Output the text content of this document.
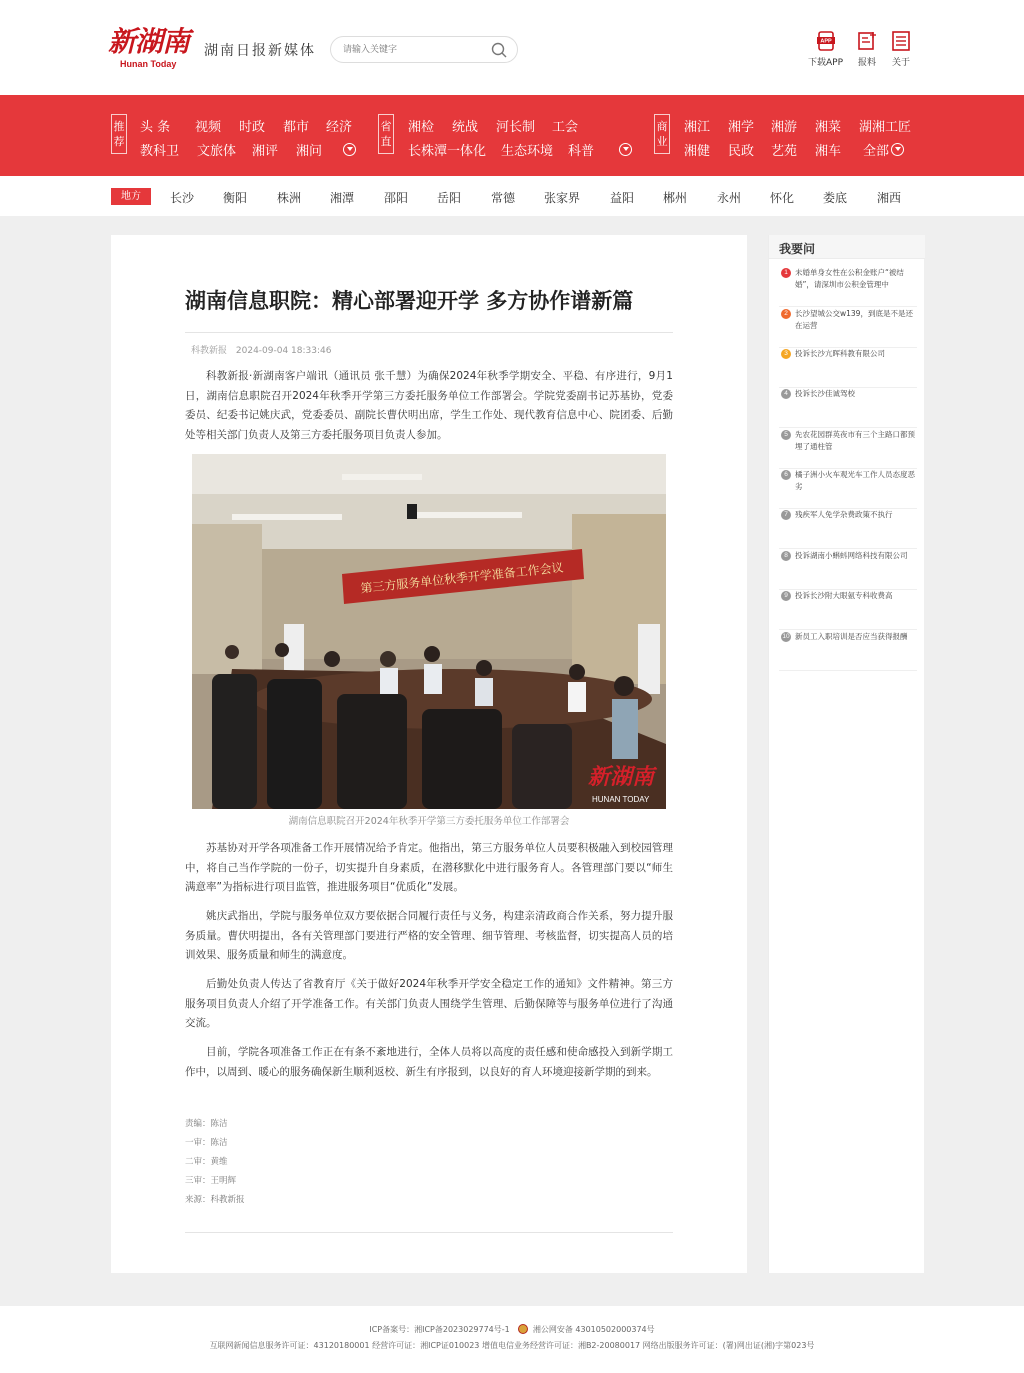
新湖南
Hunan Today
湖南日报新媒体
请输入关键字
APP
下载APP 报料 关于
推荐
头 条 视频 时政 都市 经济
教科卫 文旅体 湘评 湘问
省直
湘检 统战 河长制 工会
长株潭一体化 生态环境 科普
商业
湘江 湘学 湘游 湘菜 湖湘工匠
湘健 民政 艺苑 湘车 全部
地方	长沙 衡阳 株洲 湘潭 邵阳 岳阳 常德 张家界 益阳 郴州 永州 怀化 娄底 湘西
湖南信息职院：精心部署迎开学 多方协作谱新篇
科教新报 2024-09-04 18:33:46

科教新报·新湖南客户端讯（通讯员 张千慧）为确保2024年秋季学期安全、平稳、有序进行，9月1日，湖南信息职院召开2024年秋季开学第三方委托服务单位工作部署会。学院党委副书记苏基协，党委委员、纪委书记姚庆武，党委委员、副院长曹伏明出席，学生工作处、现代教育信息中心、院团委、后勤处等相关部门负责人及第三方委托服务项目负责人参加。

第三方服务单位秋季开学准备工作会议
新湖南
HUNAN TODAY
湖南信息职院召开2024年秋季开学第三方委托服务单位工作部署会

苏基协对开学各项准备工作开展情况给予肯定。他指出，第三方服务单位人员要积极融入到校园管理中，将自己当作学院的一份子，切实提升自身素质，在潜移默化中进行服务育人。各管理部门要以“师生满意率”为指标进行项目监管，推进服务项目“优质化”发展。

姚庆武指出，学院与服务单位双方要依据合同履行责任与义务，构建亲清政商合作关系，努力提升服务质量。曹伏明提出，各有关管理部门要进行严格的安全管理、细节管理、考核监督，切实提高人员的培训效果、服务质量和师生的满意度。

后勤处负责人传达了省教育厅《关于做好2024年秋季开学安全稳定工作的通知》文件精神。第三方服务项目负责人介绍了开学准备工作。有关部门负责人围绕学生管理、后勤保障等与服务单位进行了沟通交流。

目前，学院各项准备工作正在有条不紊地进行，全体人员将以高度的责任感和使命感投入到新学期工作中，以周到、暖心的服务确保新生顺利返校、新生有序报到，以良好的育人环境迎接新学期的到来。

责编：陈洁
一审：陈洁
二审：黄维
三审：王明辉
来源：科教新报
我要问
1 未婚单身女性在公积金账户“被结婚”，请深圳市公积金管理中
2 长沙望城公交w139，到底是不是还在运营
3 投诉长沙亢晖科教有限公司
4 投诉长沙佳诚驾校
5 先农花园群英夜市有三个主路口都预埋了通柱管
6 橘子洲小火车观光车工作人员态度恶劣
7 残疾军人免学杂费政策不执行
8 投诉湖南小蝌蚪网络科技有限公司
9 投诉长沙附大眼氨专科收费高
10 新员工入职培训是否应当获得报酬
ICP备案号：湘ICP备2023029774号-1	湘公网安备 43010502000374号
互联网新闻信息服务许可证：43120180001 经营许可证：湘ICP证010023 增值电信业务经营许可证：湘B2-20080017 网络出版服务许可证：(署)网出证(湘)字第023号
